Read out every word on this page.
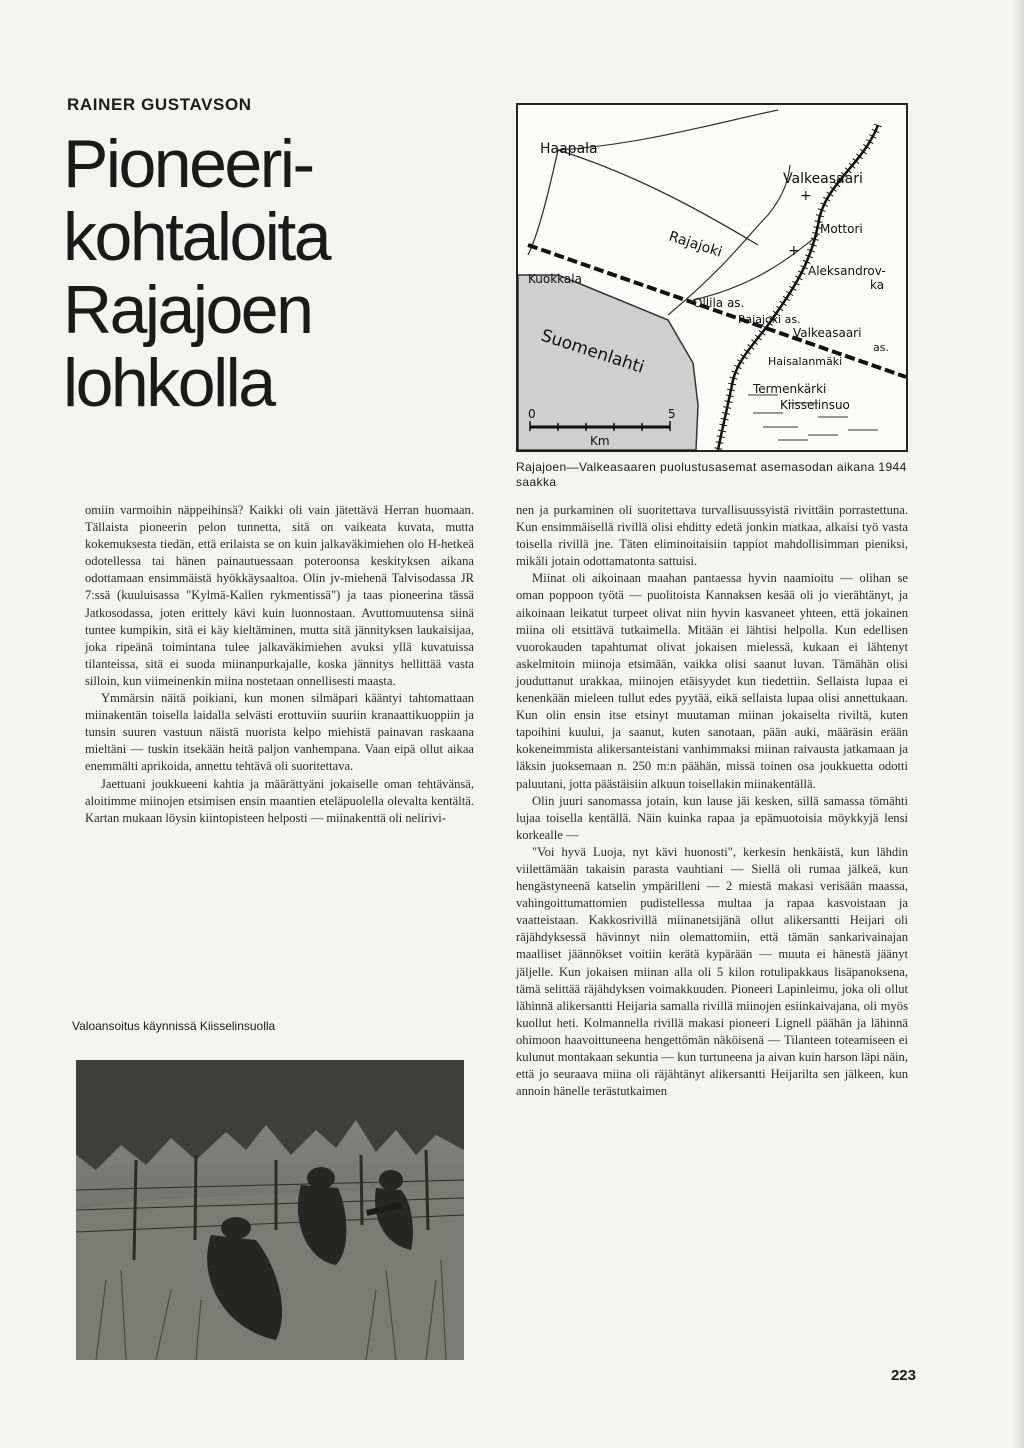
RAINER GUSTAVSON
Pioneeri-
kohtaloita
Rajajoen
lohkolla
+
+
Haapala
Valkeasaari
Mottori
Rajajoki
Aleksandrov-
ka
Kuokkala
Ollila as.
Rajajoki as.
Valkeasaari
as.
Haisalanmäki
Suomenlahti
Termenkärki
Kiisselinsuo
0	5
Km
Rajajoen—Valkeasaaren puolustusasemat asemasodan aikana 1944 saakka

omiin varmoihin näppeihinsä? Kaikki oli vain jätettävä Herran huomaan. Tällaista pioneerin pelon tunnetta, sitä on vaikeata kuvata, mutta kokemuksesta tiedän, että erilaista se on kuin jalkaväkimiehen olo H-hetkeä odotellessa tai hänen painautuessaan poteroonsa keskityksen aikana odottamaan ensimmäistä hyökkäysaaltoa. Olin jv-miehenä Talvisodassa JR 7:ssä (kuuluisassa "Kylmä-Kallen rykmentissä") ja taas pioneerina tässä Jatkosodassa, joten erittely kävi kuin luonnostaan. Avuttomuutensa siinä tuntee kumpikin, sitä ei käy kieltäminen, mutta sitä jännityksen laukaisijaa, joka ripeänä toimintana tulee jalkaväkimiehen avuksi yllä kuvatuissa tilanteissa, sitä ei suoda miinanpurkajalle, koska jännitys hellittää vasta silloin, kun viimeinenkin miina nostetaan onnellisesti maasta.

Ymmärsin näitä poikiani, kun monen silmäpari kääntyi tahtomattaan miinakentän toisella laidalla selvästi erottuviin suuriin kranaattikuoppiin ja tunsin suuren vastuun näistä nuorista kelpo miehistä painavan raskaana mieltäni — tuskin itsekään heitä paljon vanhempana. Vaan eipä ollut aikaa enemmälti aprikoida, annettu tehtävä oli suoritettava.

Jaettuani joukkueeni kahtia ja määrättyäni jokaiselle oman tehtävänsä, aloitimme miinojen etsimisen ensin maantien eteläpuolella olevalta kentältä. Kartan mukaan löysin kiintopisteen helposti — miinakenttä oli nelirivi-

nen ja purkaminen oli suoritettava turvallisuussyistä rivittäin porrastettuna. Kun ensimmäisellä rivillä olisi ehditty edetä jonkin matkaa, alkaisi työ vasta toisella rivillä jne. Täten eliminoitaisiin tappiot mahdollisimman pieniksi, mikäli jotain odottamatonta sattuisi.

Miinat oli aikoinaan maahan pantaessa hyvin naamioitu — olihan se oman poppoon työtä — puolitoista Kannaksen kesää oli jo vierähtänyt, ja aikoinaan leikatut turpeet olivat niin hyvin kasvaneet yhteen, että jokainen miina oli etsittävä tutkaimella. Mitään ei lähtisi helpolla. Kun edellisen vuorokauden tapahtumat olivat jokaisen mielessä, kukaan ei lähtenyt askelmitoin miinoja etsimään, vaikka olisi saanut luvan. Tämähän olisi jouduttanut urakkaa, miinojen etäisyydet kun tiedettiin. Sellaista lupaa ei kenenkään mieleen tullut edes pyytää, eikä sellaista lupaa olisi annettukaan. Kun olin ensin itse etsinyt muutaman miinan jokaiselta riviltä, kuten tapoihini kuului, ja saanut, kuten sanotaan, pään auki, määräsin erään kokeneimmista alikersanteistani vanhimmaksi miinan raivausta jatkamaan ja läksin juoksemaan n. 250 m:n päähän, missä toinen osa joukkuetta odotti paluutani, jotta päästäisiin alkuun toisellakin miinakentällä.

Olin juuri sanomassa jotain, kun lause jäi kesken, sillä samassa tömähti lujaa toisella kentällä. Näin kuinka rapaa ja epämuotoisia möykkyjä lensi korkealle —

"Voi hyvä Luoja, nyt kävi huonosti", kerkesin henkäistä, kun lähdin viilettämään takaisin parasta vauhtiani — Siellä oli rumaa jälkeä, kun hengästyneenä katselin ympärilleni — 2 miestä makasi verisään maassa, vahingoittumattomien pudistellessa multaa ja rapaa kasvoistaan ja vaatteistaan. Kakkosrivillä miinanetsijänä ollut alikersantti Heijari oli räjähdyksessä hävinnyt niin olemattomiin, että tämän sankarivainajan maalliset jäännökset voitiin kerätä kypärään — muuta ei hänestä jäänyt jäljelle. Kun jokaisen miinan alla oli 5 kilon rotulipakkaus lisäpanoksena, tämä selittää räjähdyksen voimakkuuden. Pioneeri Lapinleimu, joka oli ollut lähinnä alikersantti Heijaria samalla rivillä miinojen esiinkaivajana, oli myös kuollut heti. Kolmannella rivillä makasi pioneeri Lignell päähän ja lähinnä ohimoon haavoittuneena hengettömän näköisenä — Tilanteen toteamiseen ei kulunut montakaan sekuntia — kun turtuneena ja aivan kuin harson läpi näin, että jo seuraava miina oli räjähtänyt alikersantti Heijarilta sen jälkeen, kun annoin hänelle terästutkaimen

Valoansoitus käynnissä Kiisselinsuolla
223
